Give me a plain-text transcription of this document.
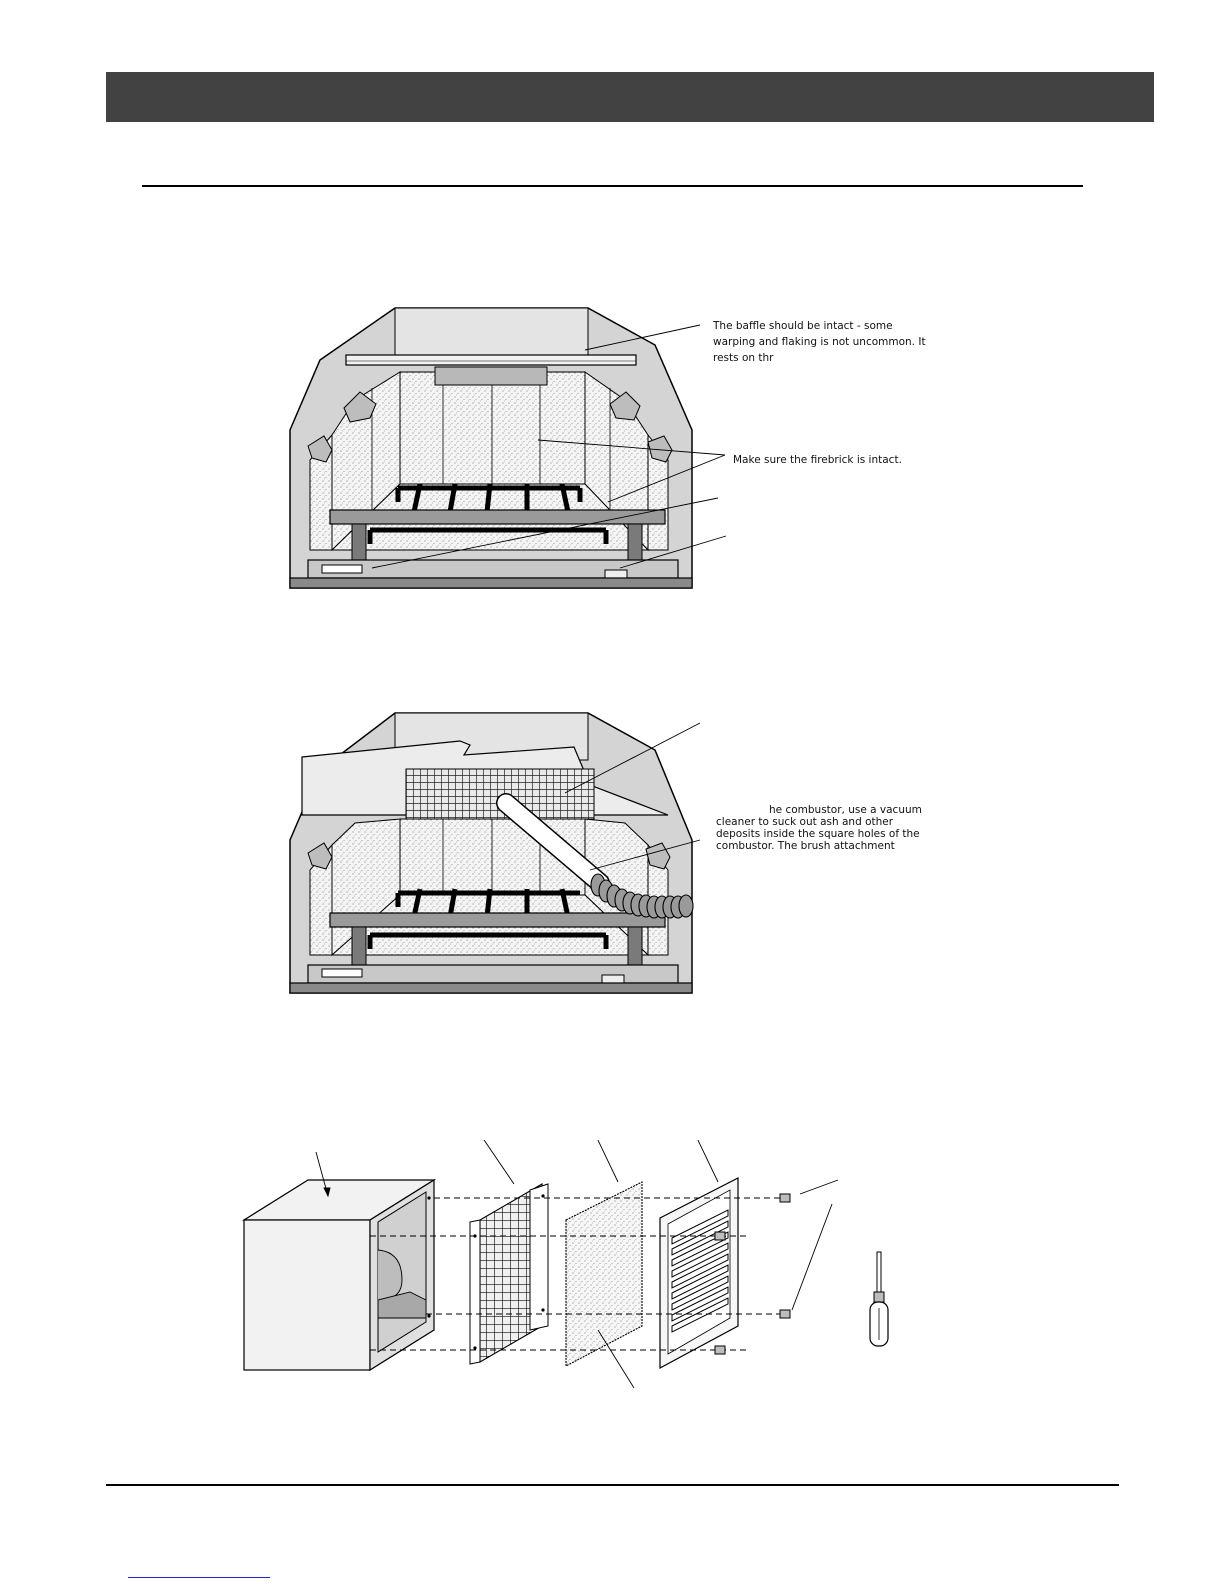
The baffle should be intact - some
warping and flaking is not uncommon. It
rests on thr
Make sure the firebrick is intact.
he combustor, use a vacuum
cleaner to suck out ash and other
deposits inside the square holes of the
combustor. The brush attachment
